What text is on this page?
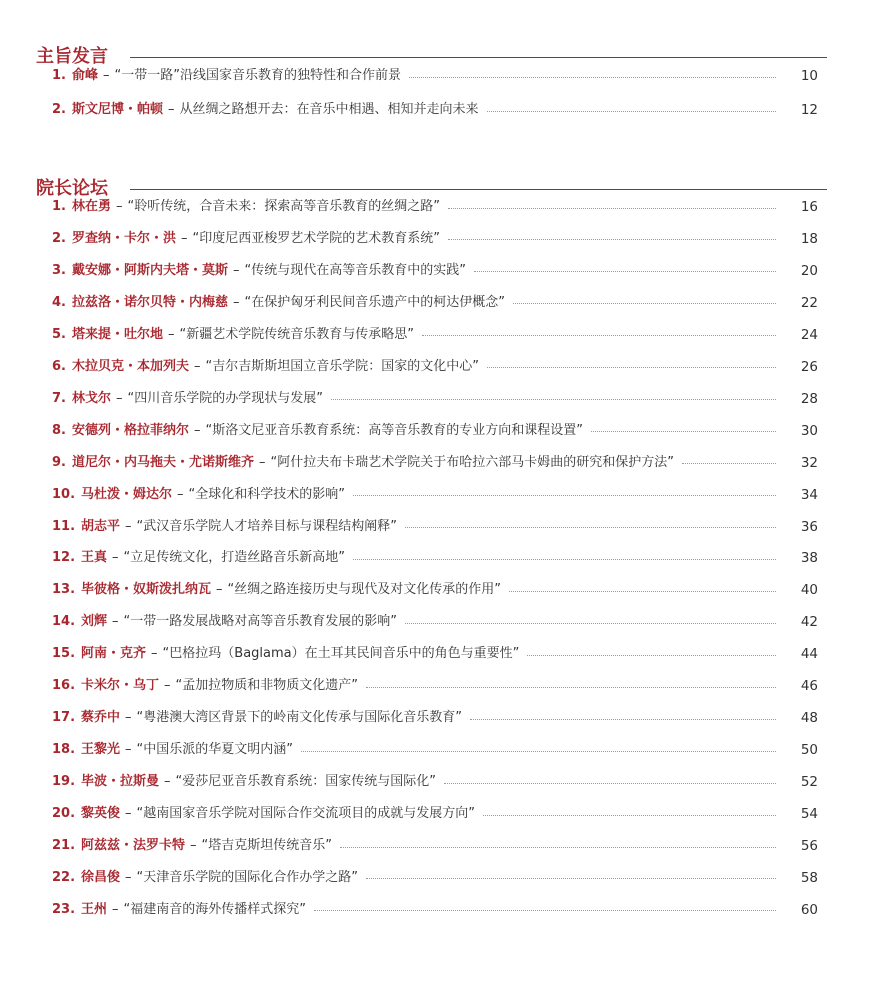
主旨发言
1. 俞峰 – “一带一路”沿线国家音乐教育的独特性和合作前景	10
2. 斯文尼博・帕顿 – 从丝绸之路想开去：在音乐中相遇、相知并走向未来	12
院长论坛
1. 林在勇 – “聆听传统，合音未来：探索高等音乐教育的丝绸之路”	16
2. 罗查纳・卡尔・洪 – “印度尼西亚梭罗艺术学院的艺术教育系统”	18
3. 戴安娜・阿斯内夫塔・莫斯 – “传统与现代在高等音乐教育中的实践”	20
4. 拉兹洛・诺尔贝特・内梅慈 – “在保护匈牙利民间音乐遗产中的柯达伊概念”	22
5. 塔来提・吐尔地 – “新疆艺术学院传统音乐教育与传承略思”	24
6. 木拉贝克・本加列夫 – “吉尔吉斯斯坦国立音乐学院：国家的文化中心”	26
7. 林戈尔 – “四川音乐学院的办学现状与发展”	28
8. 安德列・格拉菲纳尔 – “斯洛文尼亚音乐教育系统：高等音乐教育的专业方向和课程设置”	30
9. 道尼尔・内马拖夫・尤诺斯维齐 – “阿什拉夫布卡瑞艺术学院关于布哈拉六部马卡姆曲的研究和保护方法”	32
10. 马杜泼・姆达尔 – “全球化和科学技术的影响”	34
11. 胡志平 – “武汉音乐学院人才培养目标与课程结构阐释”	36
12. 王真 – “立足传统文化，打造丝路音乐新高地”	38
13. 毕彼格・奴斯泼扎纳瓦 – “丝绸之路连接历史与现代及对文化传承的作用”	40
14. 刘辉 – “一带一路发展战略对高等音乐教育发展的影响”	42
15. 阿南・克齐 – “巴格拉玛（Baglama）在土耳其民间音乐中的角色与重要性”	44
16. 卡米尔・乌丁 – “孟加拉物质和非物质文化遗产”	46
17. 蔡乔中 – “粤港澳大湾区背景下的岭南文化传承与国际化音乐教育”	48
18. 王黎光 – “中国乐派的华夏文明内涵”	50
19. 毕波・拉斯曼 – “爱莎尼亚音乐教育系统：国家传统与国际化”	52
20. 黎英俊 – “越南国家音乐学院对国际合作交流项目的成就与发展方向”	54
21. 阿兹兹・法罗卡特 – “塔吉克斯坦传统音乐”	56
22. 徐昌俊 – “天津音乐学院的国际化合作办学之路”	58
23. 王州 – “福建南音的海外传播样式探究”	60
